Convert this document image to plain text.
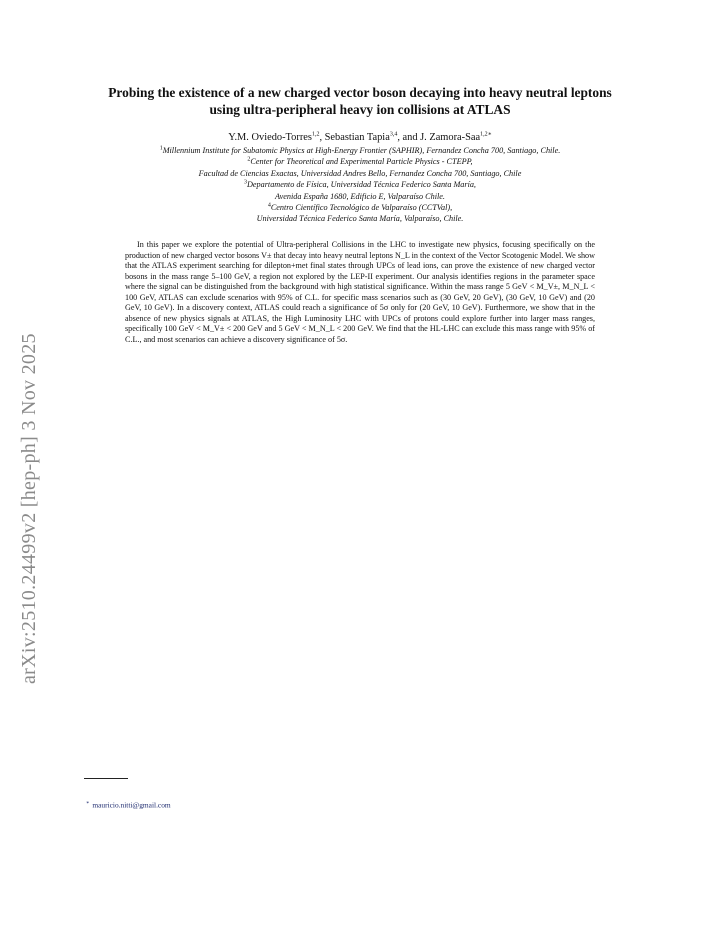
arXiv:2510.24499v2 [hep-ph] 3 Nov 2025
Probing the existence of a new charged vector boson decaying into heavy neutral leptons
using ultra-peripheral heavy ion collisions at ATLAS
Y.M. Oviedo-Torres$^{1,2}$, Sebastian Tapia$^{3,4}$, and J. Zamora-Saa$^{1,2∗}$
$^1$Millennium Institute for Subatomic Physics at High-Energy Frontier (SAPHIR), Fernandez Concha 700, Santiago, Chile.
$^2$Center for Theoretical and Experimental Particle Physics - CTEPP,
Facultad de Ciencias Exactas, Universidad Andres Bello, Fernandez Concha 700, Santiago, Chile
$^3$Departamento de Física, Universidad Técnica Federico Santa María,
Avenida España 1680, Edificio E, Valparaíso Chile.
$^4$Centro Científico Tecnológico de Valparaíso (CCTVal),
Universidad Técnica Federico Santa María, Valparaíso, Chile.
In this paper we explore the potential of Ultra-peripheral Collisions in the LHC to investigate new physics, focusing specifically on the production of new charged vector bosons V± that decay into heavy neutral leptons N_L in the context of the Vector Scotogenic Model. We show that the ATLAS experiment searching for dilepton+met final states through UPCs of lead ions, can prove the existence of new charged vector bosons in the mass range 5–100 GeV, a region not explored by the LEP-II experiment. Our analysis identifies regions in the parameter space where the signal can be distinguished from the background with high statistical significance. Within the mass range 5 GeV < M_V±, M_N_L < 100 GeV, ATLAS can exclude scenarios with 95% of C.L. for specific mass scenarios such as (30 GeV, 20 GeV), (30 GeV, 10 GeV) and (20 GeV, 10 GeV). In a discovery context, ATLAS could reach a significance of 5σ only for (20 GeV, 10 GeV). Furthermore, we show that in the absence of new physics signals at ATLAS, the High Luminosity LHC with UPCs of protons could explore further into larger mass ranges, specifically 100 GeV < M_V± < 200 GeV and 5 GeV < M_N_L < 200 GeV. We find that the HL-LHC can exclude this mass range with 95% of C.L., and most scenarios can achieve a discovery significance of 5σ.
∗ mauricio.nitti@gmail.com
